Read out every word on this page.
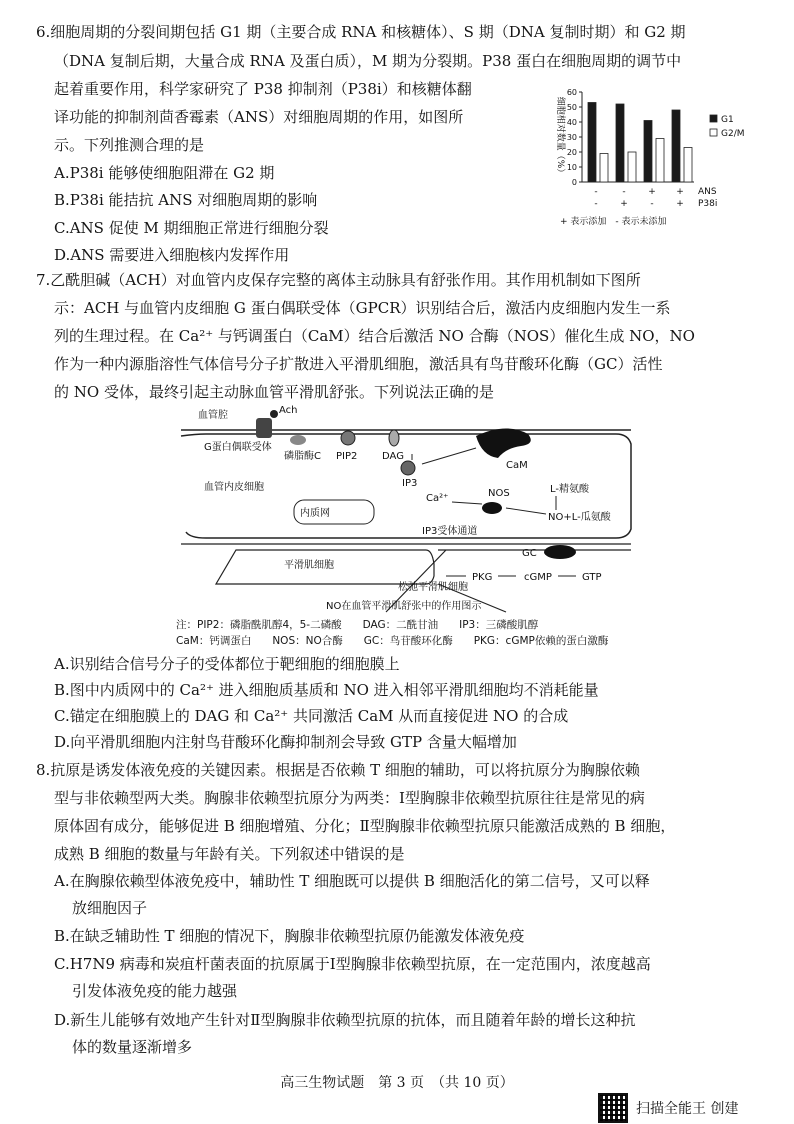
6.细胞周期的分裂间期包括 G1 期（主要合成 RNA 和核糖体）、S 期（DNA 复制时期）和 G2 期
（DNA 复制后期，大量合成 RNA 及蛋白质），M 期为分裂期。P38 蛋白在细胞周期的调节中
起着重要作用，科学家研究了 P38 抑制剂（P38i）和核糖体翻
译功能的抑制剂茴香霉素（ANS）对细胞周期的作用，如图所
示。下列推测合理的是
A.P38i 能够使细胞阻滞在 G2 期
B.P38i 能拮抗 ANS 对细胞周期的影响
C.ANS 促使 M 期细胞正常进行细胞分裂
D.ANS 需要进入细胞核内发挥作用
0
10
20
30
40
50
60
细胞相对数量（%）
-
-
-
+
+
-
+
+
ANS
P38i
G1
G2/M
+ 表示添加　- 表示未添加
7.乙酰胆碱（ACH）对血管内皮保存完整的离体主动脉具有舒张作用。其作用机制如下图所
示：ACH 与血管内皮细胞 G 蛋白偶联受体（GPCR）识别结合后，激活内皮细胞内发生一系
列的生理过程。在 Ca²⁺ 与钙调蛋白（CaM）结合后激活 NO 合酶（NOS）催化生成 NO，NO
作为一种内源脂溶性气体信号分子扩散进入平滑肌细胞，激活具有鸟苷酸环化酶（GC）活性
的 NO 受体，最终引起主动脉血管平滑肌舒张。下列说法正确的是
血管腔	Ach
G蛋白偶联受体
磷脂酶C PIP2 DAG
IP3
Ca²⁺
CaM
NOS	L-精氨酸
NO+L-瓜氨酸
血管内皮细胞
内质网
IP3受体通道
平滑肌细胞
GC
GTP
cGMP
PKG
松弛平滑肌细胞
NO在血管平滑肌舒张中的作用图示
注：PIP2：磷脂酰肌醇4，5-二磷酸　　DAG：二酰甘油　　IP3：三磷酸肌醇
CaM：钙调蛋白　　NOS：NO合酶　　GC：鸟苷酸环化酶　　PKG：cGMP依赖的蛋白激酶
A.识别结合信号分子的受体都位于靶细胞的细胞膜上
B.图中内质网中的 Ca²⁺ 进入细胞质基质和 NO 进入相邻平滑肌细胞均不消耗能量
C.锚定在细胞膜上的 DAG 和 Ca²⁺ 共同激活 CaM 从而直接促进 NO 的合成
D.向平滑肌细胞内注射鸟苷酸环化酶抑制剂会导致 GTP 含量大幅增加
8.抗原是诱发体液免疫的关键因素。根据是否依赖 T 细胞的辅助，可以将抗原分为胸腺依赖
型与非依赖型两大类。胸腺非依赖型抗原分为两类：Ⅰ型胸腺非依赖型抗原往往是常见的病
原体固有成分，能够促进 B 细胞增殖、分化；Ⅱ型胸腺非依赖型抗原只能激活成熟的 B 细胞，
成熟 B 细胞的数量与年龄有关。下列叙述中错误的是
A.在胸腺依赖型体液免疫中，辅助性 T 细胞既可以提供 B 细胞活化的第二信号，又可以释
放细胞因子
B.在缺乏辅助性 T 细胞的情况下，胸腺非依赖型抗原仍能激发体液免疫
C.H7N9 病毒和炭疽杆菌表面的抗原属于Ⅰ型胸腺非依赖型抗原，在一定范围内，浓度越高
引发体液免疫的能力越强
D.新生儿能够有效地产生针对Ⅱ型胸腺非依赖型抗原的抗体，而且随着年龄的增长这种抗
体的数量逐渐增多
高三生物试题　第 3 页　（共 10 页）
扫描全能王 创建
